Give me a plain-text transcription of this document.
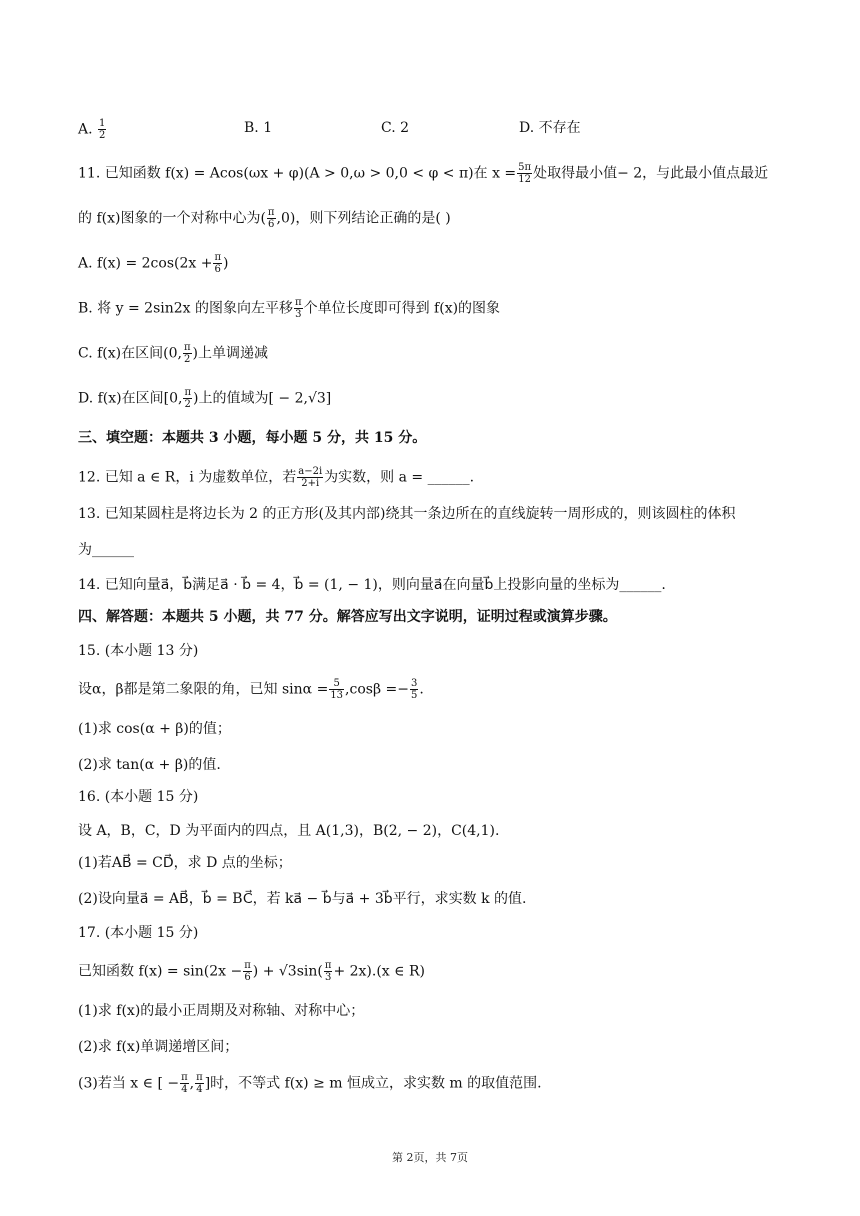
A. $\frac{1}{2}$	B. 1	C. 2	D. 不存在
11. 已知函数 f(x) = Acos(ωx + φ)(A > 0,ω > 0,0 < φ < π)在 $x = \frac{5\pi}{12}$ 处取得最小值− 2，与此最小值点最近
的 f(x)图象的一个对称中心为( $\frac{\pi}{6} ,0$)，则下列结论正确的是( )
A. $f(x) = 2\cos(2x + \frac{\pi}{6}$ )
B. 将 y = 2sin2x 的图象向左平移 $\frac{\pi}{3}$ 个单位长度即可得到 f(x)的图象
C. f(x)在区间(0, $\frac{\pi}{2}$ )上单调递减
D. f(x)在区间[0, $\frac{\pi}{2}$ )上的值域为[ − 2,√3]
三、填空题：本题共 3 小题，每小题 5 分，共 15 分。
12. 已知 a ∈ R，i 为虚数单位，若 $\frac{a-2i}{2+i}$ 为实数，则 a = ______.
13. 已知某圆柱是将边长为 2 的正方形(及其内部)绕其一条边所在的直线旋转一周形成的，则该圆柱的体积
为______
14. 已知向量a⃗，b⃗满足a⃗ · b⃗ = 4，b⃗ = (1, − 1)，则向量a⃗在向量b⃗上投影向量的坐标为______.
四、解答题：本题共 5 小题，共 77 分。解答应写出文字说明，证明过程或演算步骤。
15. (本小题 13 分)
设α，β都是第二象限的角，已知 $\sin\alpha = \frac{5}{13} ,\cos\beta =- \frac{3}{5}$ .
(1)求 cos(α + β)的值；
(2)求 tan(α + β)的值.
16. (本小题 15 分)
设 A，B，C，D 为平面内的四点，且 A(1,3)，B(2, − 2)，C(4,1).
(1)若AB⃗ = CD⃗，求 D 点的坐标；
(2)设向量a⃗ = AB⃗，b⃗ = BC⃗，若 ka⃗ − b⃗与a⃗ + 3b⃗平行，求实数 k 的值.
17. (本小题 15 分)
已知函数 $f(x) = \sin(2x - \frac{\pi}{6}$ ) + $√3\sin( \frac{\pi}{3} + 2x).(x$ ∈ R)
(1)求 f(x)的最小正周期及对称轴、对称中心；
(2)求 f(x)单调递增区间；
(3)若当 x ∈ [ − $\frac{\pi}{4}$ , $\frac{\pi}{4}$ ]时，不等式 f(x) ≥ m 恒成立，求实数 m 的取值范围.
第 2页，共 7页
